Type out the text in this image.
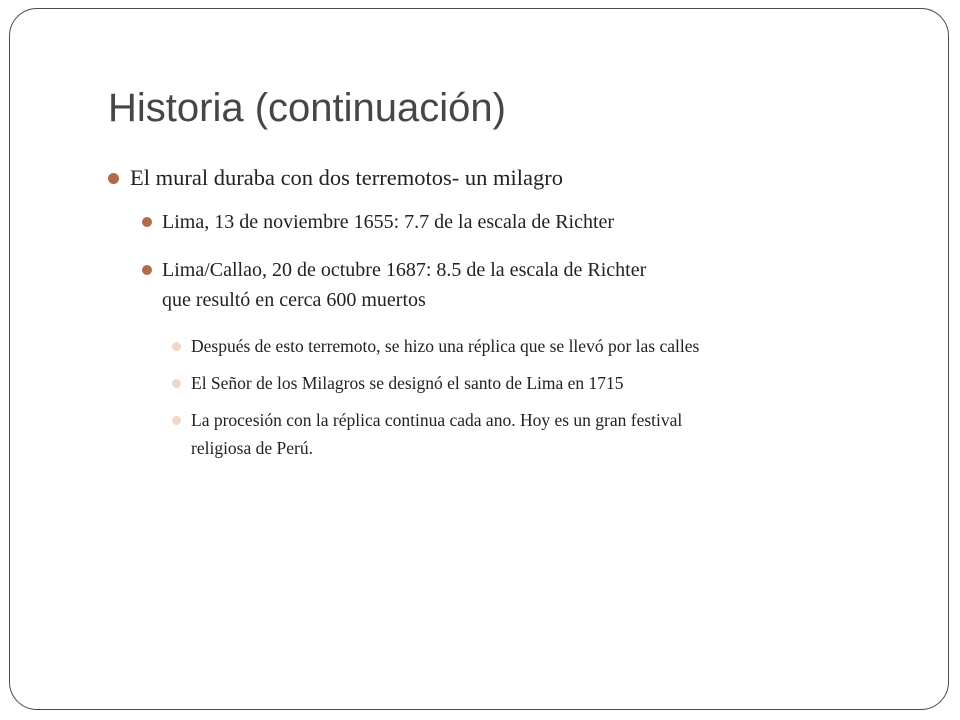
Historia (continuación)
El mural duraba con dos terremotos- un milagro
Lima, 13 de noviembre 1655: 7.7 de la escala de Richter
Lima/Callao, 20 de octubre 1687: 8.5 de la escala de Richter
que resultó en cerca 600 muertos
Después de esto terremoto, se hizo una réplica que se llevó por las calles
El Señor de los Milagros se designó el santo de Lima en 1715
La procesión con la réplica continua cada ano. Hoy es un gran festival
religiosa de Perú.
